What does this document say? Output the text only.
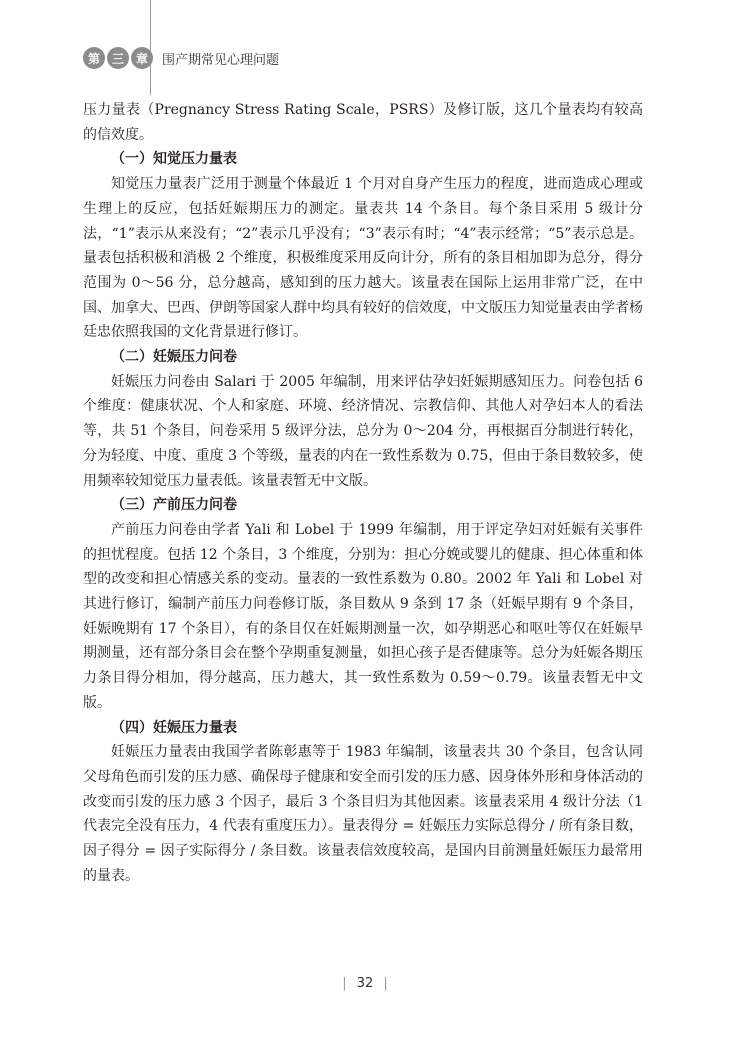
第 三 章	围产期常见心理问题

压力量表（Pregnancy Stress Rating Scale，PSRS）及修订版，这几个量表均有较高的信效度。

（一）知觉压力量表

知觉压力量表广泛用于测量个体最近 1 个月对自身产生压力的程度，进而造成心理或生理上的反应，包括妊娠期压力的测定。量表共 14 个条目。每个条目采用 5 级计分法，“1”表示从来没有；“2”表示几乎没有；“3”表示有时；“4”表示经常；“5”表示总是。量表包括积极和消极 2 个维度，积极维度采用反向计分，所有的条目相加即为总分，得分范围为 0～56 分，总分越高，感知到的压力越大。该量表在国际上运用非常广泛，在中国、加拿大、巴西、伊朗等国家人群中均具有较好的信效度，中文版压力知觉量表由学者杨廷忠依照我国的文化背景进行修订。

（二）妊娠压力问卷

妊娠压力问卷由 Salari 于 2005 年编制，用来评估孕妇妊娠期感知压力。问卷包括 6 个维度：健康状况、个人和家庭、环境、经济情况、宗教信仰、其他人对孕妇本人的看法等，共 51 个条目，问卷采用 5 级评分法，总分为 0～204 分，再根据百分制进行转化，分为轻度、中度、重度 3 个等级，量表的内在一致性系数为 0.75，但由于条目数较多，使用频率较知觉压力量表低。该量表暂无中文版。

（三）产前压力问卷

产前压力问卷由学者 Yali 和 Lobel 于 1999 年编制，用于评定孕妇对妊娠有关事件的担忧程度。包括 12 个条目，3 个维度，分别为：担心分娩或婴儿的健康、担心体重和体型的改变和担心情感关系的变动。量表的一致性系数为 0.80。2002 年 Yali 和 Lobel 对其进行修订，编制产前压力问卷修订版，条目数从 9 条到 17 条（妊娠早期有 9 个条目，妊娠晚期有 17 个条目），有的条目仅在妊娠期测量一次，如孕期恶心和呕吐等仅在妊娠早期测量，还有部分条目会在整个孕期重复测量，如担心孩子是否健康等。总分为妊娠各期压力条目得分相加，得分越高，压力越大，其一致性系数为 0.59～0.79。该量表暂无中文版。

（四）妊娠压力量表

妊娠压力量表由我国学者陈彰惠等于 1983 年编制，该量表共 30 个条目，包含认同父母角色而引发的压力感、确保母子健康和安全而引发的压力感、因身体外形和身体活动的改变而引发的压力感 3 个因子，最后 3 个条目归为其他因素。该量表采用 4 级计分法（1 代表完全没有压力，4 代表有重度压力）。量表得分 = 妊娠压力实际总得分 / 所有条目数，因子得分 = 因子实际得分 / 条目数。该量表信效度较高，是国内目前测量妊娠压力最常用的量表。

| 32 |
